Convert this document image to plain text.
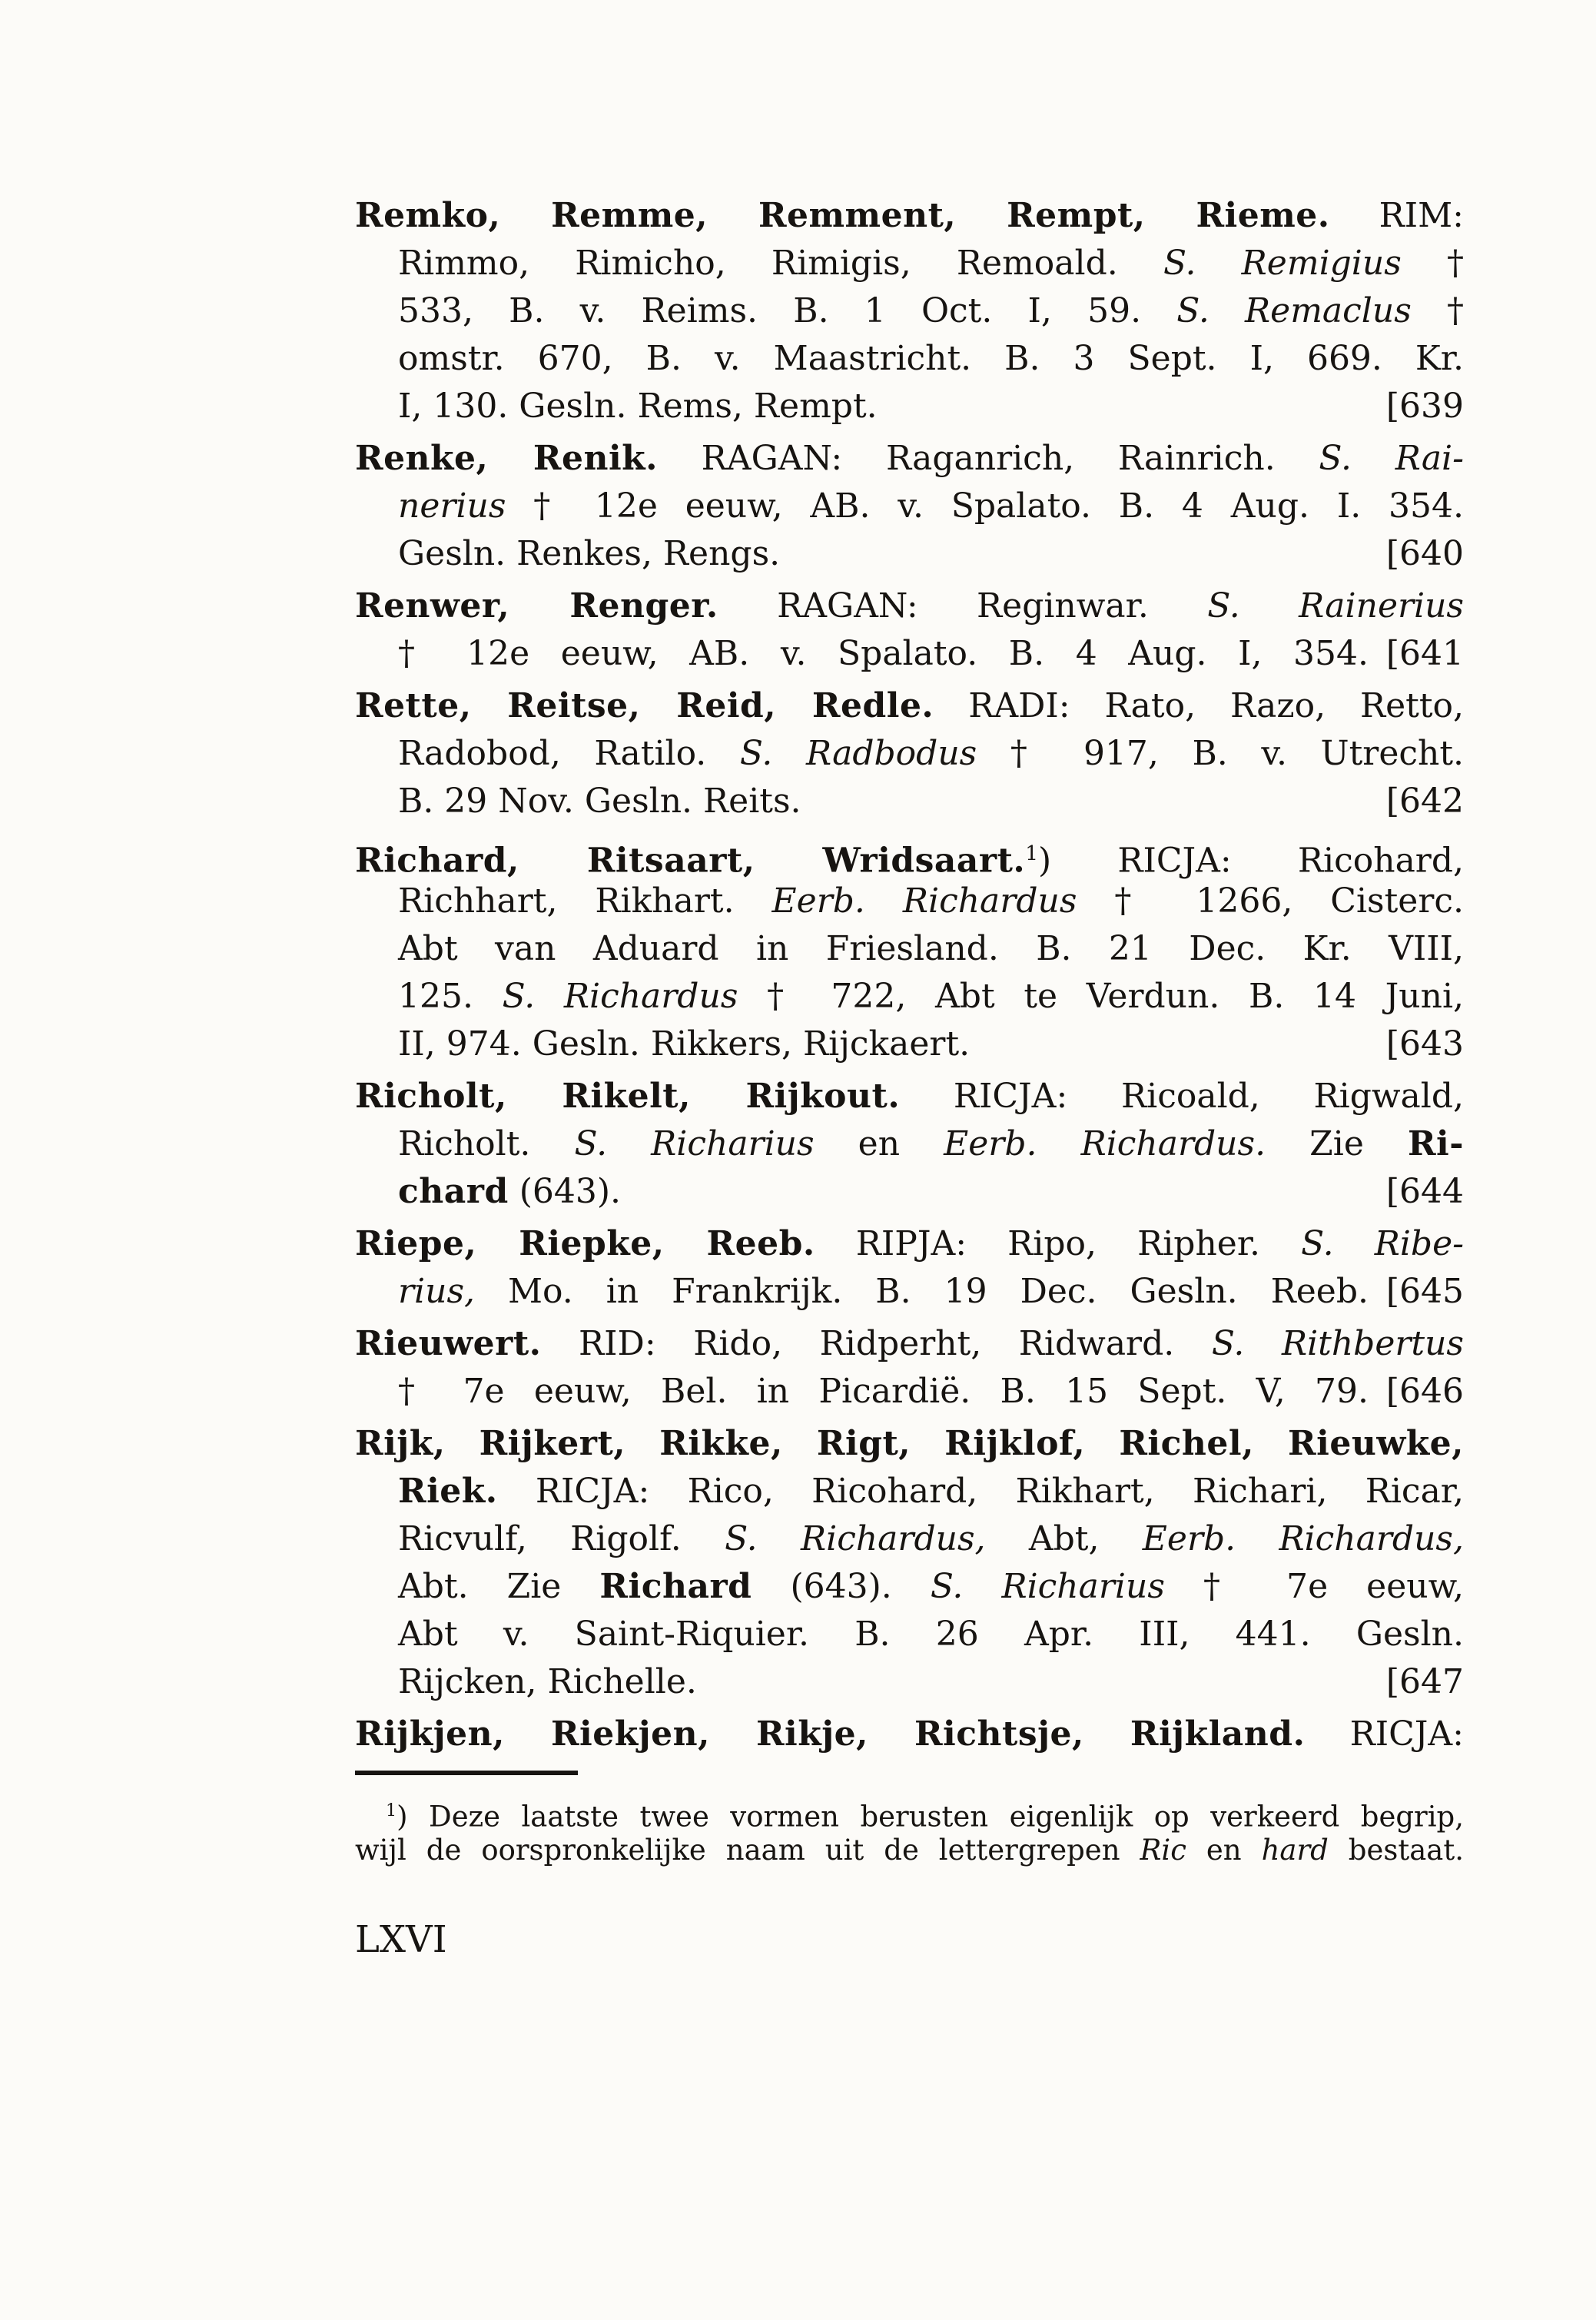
Remko, Remme, Remment, Rempt, Rieme. RIM:
Rimmo, Rimicho, Rimigis, Remoald. S. Remigius †
533, B. v. Reims. B. 1 Oct. I, 59. S. Remaclus †
omstr. 670, B. v. Maastricht. B. 3 Sept. I, 669. Kr.
I, 130. Gesln. Rems, Rempt.	[639
Renke, Renik. RAGAN: Raganrich, Rainrich. S. Rai-
nerius † 12e eeuw, AB. v. Spalato. B. 4 Aug. I. 354.
Gesln. Renkes, Rengs.	[640
Renwer, Renger. RAGAN: Reginwar. S. Rainerius
† 12e eeuw, AB. v. Spalato. B. 4 Aug. I, 354. [641
Rette, Reitse, Reid, Redle. RADI: Rato, Razo, Retto,
Radobod, Ratilo. S. Radbodus † 917, B. v. Utrecht.
B. 29 Nov. Gesln. Reits.	[642
Richard, Ritsaart, Wridsaart.$^1$) RICJA: Ricohard,
Richhart, Rikhart. Eerb. Richardus † 1266, Cisterc.
Abt van Aduard in Friesland. B. 21 Dec. Kr. VIII,
125. S. Richardus † 722, Abt te Verdun. B. 14 Juni,
II, 974. Gesln. Rikkers, Rijckaert.	[643
Richolt, Rikelt, Rijkout. RICJA: Ricoald, Rigwald,
Richolt. S. Richarius en Eerb. Richardus. Zie Ri-
chard (643).	[644
Riepe, Riepke, Reeb. RIPJA: Ripo, Ripher. S. Ribe-
rius, Mo. in Frankrijk. B. 19 Dec. Gesln. Reeb. [645
Rieuwert. RID: Rido, Ridperht, Ridward. S. Rithbertus
† 7e eeuw, Bel. in Picardië. B. 15 Sept. V, 79. [646
Rijk, Rijkert, Rikke, Rigt, Rijklof, Richel, Rieuwke,
Riek. RICJA: Rico, Ricohard, Rikhart, Richari, Ricar,
Ricvulf, Rigolf. S. Richardus, Abt, Eerb. Richardus,
Abt. Zie Richard (643). S. Richarius † 7e eeuw,
Abt v. Saint-Riquier. B. 26 Apr. III, 441. Gesln.
Rijcken, Richelle.	[647
Rijkjen, Riekjen, Rikje, Richtsje, Rijkland. RICJA:
$^1$) Deze laatste twee vormen berusten eigenlijk op verkeerd begrip,
wijl de oorspronkelijke naam uit de lettergrepen Ric en hard bestaat.
LXVI
